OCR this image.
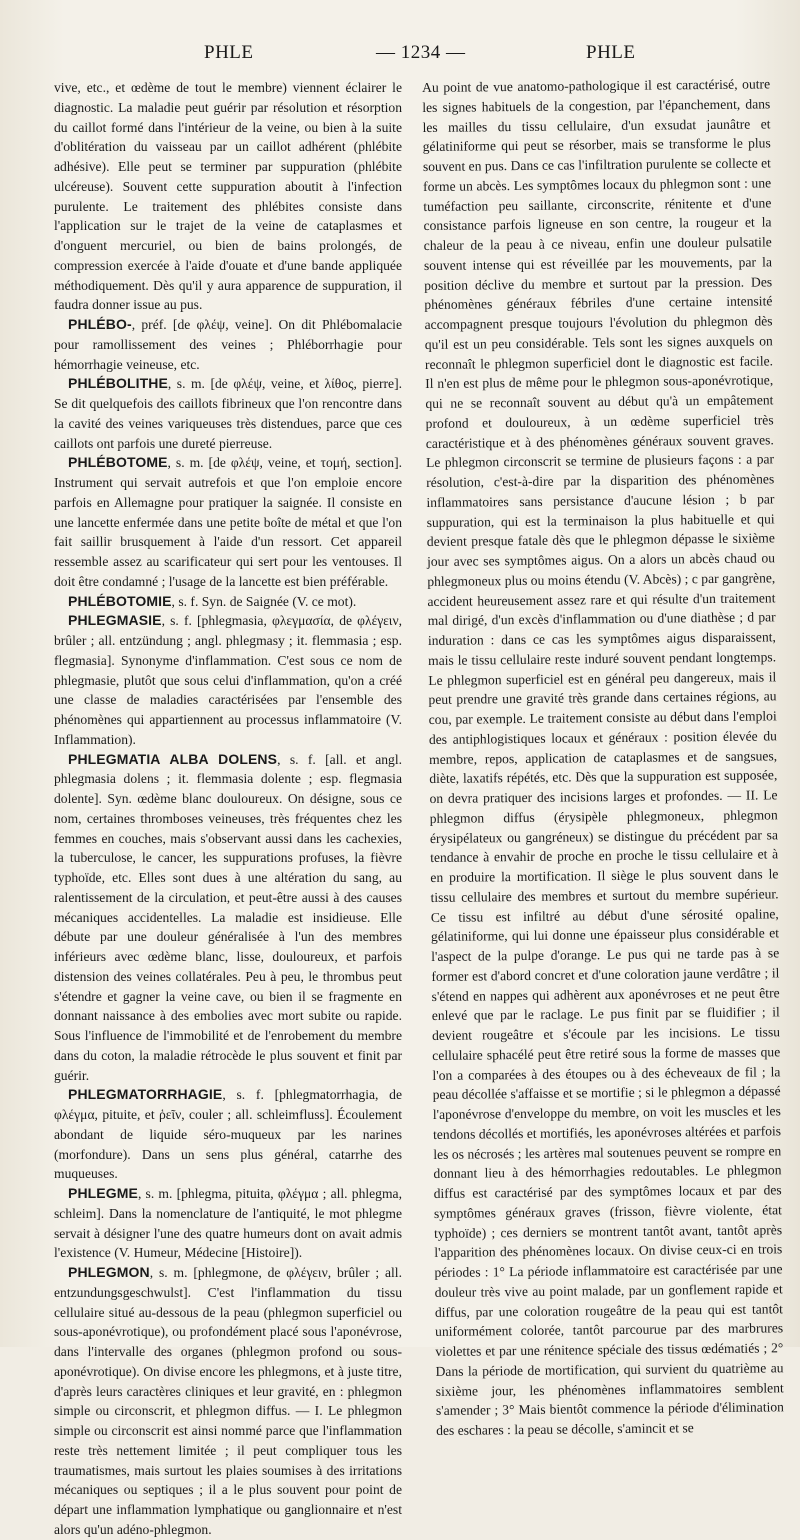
PHLE	— 1234 —	PHLE

vive, etc., et œdème de tout le membre) viennent éclairer le diagnostic. La maladie peut guérir par résolution et résorption du caillot formé dans l'intérieur de la veine, ou bien à la suite d'oblitération du vaisseau par un caillot adhérent (phlébite adhésive). Elle peut se terminer par suppuration (phlébite ulcéreuse). Souvent cette suppuration aboutit à l'infection purulente. Le traitement des phlébites consiste dans l'application sur le trajet de la veine de cataplasmes et d'onguent mercuriel, ou bien de bains prolongés, de compression exercée à l'aide d'ouate et d'une bande appliquée méthodiquement. Dès qu'il y aura apparence de suppuration, il faudra donner issue au pus.

PHLÉBO-, préf. [de φλέψ, veine]. On dit Phlébomalacie pour ramollissement des veines ; Phléborrhagie pour hémorrhagie veineuse, etc.

PHLÉBOLITHE, s. m. [de φλέψ, veine, et λίθος, pierre]. Se dit quelquefois des caillots fibrineux que l'on rencontre dans la cavité des veines variqueuses très distendues, parce que ces caillots ont parfois une dureté pierreuse.

PHLÉBOTOME, s. m. [de φλέψ, veine, et τομή, section]. Instrument qui servait autrefois et que l'on emploie encore parfois en Allemagne pour pratiquer la saignée. Il consiste en une lancette enfermée dans une petite boîte de métal et que l'on fait saillir brusquement à l'aide d'un ressort. Cet appareil ressemble assez au scarificateur qui sert pour les ventouses. Il doit être condamné ; l'usage de la lancette est bien préférable.

PHLÉBOTOMIE, s. f. Syn. de Saignée (V. ce mot).

PHLEGMASIE, s. f. [phlegmasia, φλεγμασία, de φλέγειν, brûler ; all. entzündung ; angl. phlegmasy ; it. flemmasia ; esp. flegmasia]. Synonyme d'inflammation. C'est sous ce nom de phlegmasie, plutôt que sous celui d'inflammation, qu'on a créé une classe de maladies caractérisées par l'ensemble des phénomènes qui appartiennent au processus inflammatoire (V. Inflammation).

PHLEGMATIA ALBA DOLENS, s. f. [all. et angl. phlegmasia dolens ; it. flemmasia dolente ; esp. flegmasia dolente]. Syn. œdème blanc douloureux. On désigne, sous ce nom, certaines thromboses veineuses, très fréquentes chez les femmes en couches, mais s'observant aussi dans les cachexies, la tuberculose, le cancer, les suppurations profuses, la fièvre typhoïde, etc. Elles sont dues à une altération du sang, au ralentissement de la circulation, et peut-être aussi à des causes mécaniques accidentelles. La maladie est insidieuse. Elle débute par une douleur généralisée à l'un des membres inférieurs avec œdème blanc, lisse, douloureux, et parfois distension des veines collatérales. Peu à peu, le thrombus peut s'étendre et gagner la veine cave, ou bien il se fragmente en donnant naissance à des embolies avec mort subite ou rapide. Sous l'influence de l'immobilité et de l'enrobement du membre dans du coton, la maladie rétrocède le plus souvent et finit par guérir.

PHLEGMATORRHAGIE, s. f. [phlegmatorrhagia, de φλέγμα, pituite, et ῥεῖν, couler ; all. schleimfluss]. Écoulement abondant de liquide séro-muqueux par les narines (morfondure). Dans un sens plus général, catarrhe des muqueuses.

PHLEGME, s. m. [phlegma, pituita, φλέγμα ; all. phlegma, schleim]. Dans la nomenclature de l'antiquité, le mot phlegme servait à désigner l'une des quatre humeurs dont on avait admis l'existence (V. Humeur, Médecine [Histoire]).

PHLEGMON, s. m. [phlegmone, de φλέγειν, brûler ; all. entzundungsgeschwulst]. C'est l'inflammation du tissu cellulaire situé au-dessous de la peau (phlegmon superficiel ou sous-aponévrotique), ou profondément placé sous l'aponévrose, dans l'intervalle des organes (phlegmon profond ou sous-aponévrotique). On divise encore les phlegmons, et à juste titre, d'après leurs caractères cliniques et leur gravité, en : phlegmon simple ou circonscrit, et phlegmon diffus. — I. Le phlegmon simple ou circonscrit est ainsi nommé parce que l'inflammation reste très nettement limitée ; il peut compliquer tous les traumatismes, mais surtout les plaies soumises à des irritations mécaniques ou septiques ; il a le plus souvent pour point de départ une inflammation lymphatique ou ganglionnaire et n'est alors qu'un adéno-phlegmon.

Au point de vue anatomo-pathologique il est caractérisé, outre les signes habituels de la congestion, par l'épanchement, dans les mailles du tissu cellulaire, d'un exsudat jaunâtre et gélatiniforme qui peut se résorber, mais se transforme le plus souvent en pus. Dans ce cas l'infiltration purulente se collecte et forme un abcès. Les symptômes locaux du phlegmon sont : une tuméfaction peu saillante, circonscrite, rénitente et d'une consistance parfois ligneuse en son centre, la rougeur et la chaleur de la peau à ce niveau, enfin une douleur pulsatile souvent intense qui est réveillée par les mouvements, par la position déclive du membre et surtout par la pression. Des phénomènes généraux fébriles d'une certaine intensité accompagnent presque toujours l'évolution du phlegmon dès qu'il est un peu considérable. Tels sont les signes auxquels on reconnaît le phlegmon superficiel dont le diagnostic est facile. Il n'en est plus de même pour le phlegmon sous-aponévrotique, qui ne se reconnaît souvent au début qu'à un empâtement profond et douloureux, à un œdème superficiel très caractéristique et à des phénomènes généraux souvent graves. Le phlegmon circonscrit se termine de plusieurs façons : a par résolution, c'est-à-dire par la disparition des phénomènes inflammatoires sans persistance d'aucune lésion ; b par suppuration, qui est la terminaison la plus habituelle et qui devient presque fatale dès que le phlegmon dépasse le sixième jour avec ses symptômes aigus. On a alors un abcès chaud ou phlegmoneux plus ou moins étendu (V. Abcès) ; c par gangrène, accident heureusement assez rare et qui résulte d'un traitement mal dirigé, d'un excès d'inflammation ou d'une diathèse ; d par induration : dans ce cas les symptômes aigus disparaissent, mais le tissu cellulaire reste induré souvent pendant longtemps. Le phlegmon superficiel est en général peu dangereux, mais il peut prendre une gravité très grande dans certaines régions, au cou, par exemple. Le traitement consiste au début dans l'emploi des antiphlogistiques locaux et généraux : position élevée du membre, repos, application de cataplasmes et de sangsues, diète, laxatifs répétés, etc. Dès que la suppuration est supposée, on devra pratiquer des incisions larges et profondes. — II. Le phlegmon diffus (érysipèle phlegmoneux, phlegmon érysipélateux ou gangréneux) se distingue du précédent par sa tendance à envahir de proche en proche le tissu cellulaire et à en produire la mortification. Il siège le plus souvent dans le tissu cellulaire des membres et surtout du membre supérieur. Ce tissu est infiltré au début d'une sérosité opaline, gélatiniforme, qui lui donne une épaisseur plus considérable et l'aspect de la pulpe d'orange. Le pus qui ne tarde pas à se former est d'abord concret et d'une coloration jaune verdâtre ; il s'étend en nappes qui adhèrent aux aponévroses et ne peut être enlevé que par le raclage. Le pus finit par se fluidifier ; il devient rougeâtre et s'écoule par les incisions. Le tissu cellulaire sphacélé peut être retiré sous la forme de masses que l'on a comparées à des étoupes ou à des écheveaux de fil ; la peau décollée s'affaisse et se mortifie ; si le phlegmon a dépassé l'aponévrose d'enveloppe du membre, on voit les muscles et les tendons décollés et mortifiés, les aponévroses altérées et parfois les os nécrosés ; les artères mal soutenues peuvent se rompre en donnant lieu à des hémorrhagies redoutables. Le phlegmon diffus est caractérisé par des symptômes locaux et par des symptômes généraux graves (frisson, fièvre violente, état typhoïde) ; ces derniers se montrent tantôt avant, tantôt après l'apparition des phénomènes locaux. On divise ceux-ci en trois périodes : 1° La période inflammatoire est caractérisée par une douleur très vive au point malade, par un gonflement rapide et diffus, par une coloration rougeâtre de la peau qui est tantôt uniformément colorée, tantôt parcourue par des marbrures violettes et par une rénitence spéciale des tissus œdématiés ; 2° Dans la période de mortification, qui survient du quatrième au sixième jour, les phénomènes inflammatoires semblent s'amender ; 3° Mais bientôt commence la période d'élimination des eschares : la peau se décolle, s'amincit et se
